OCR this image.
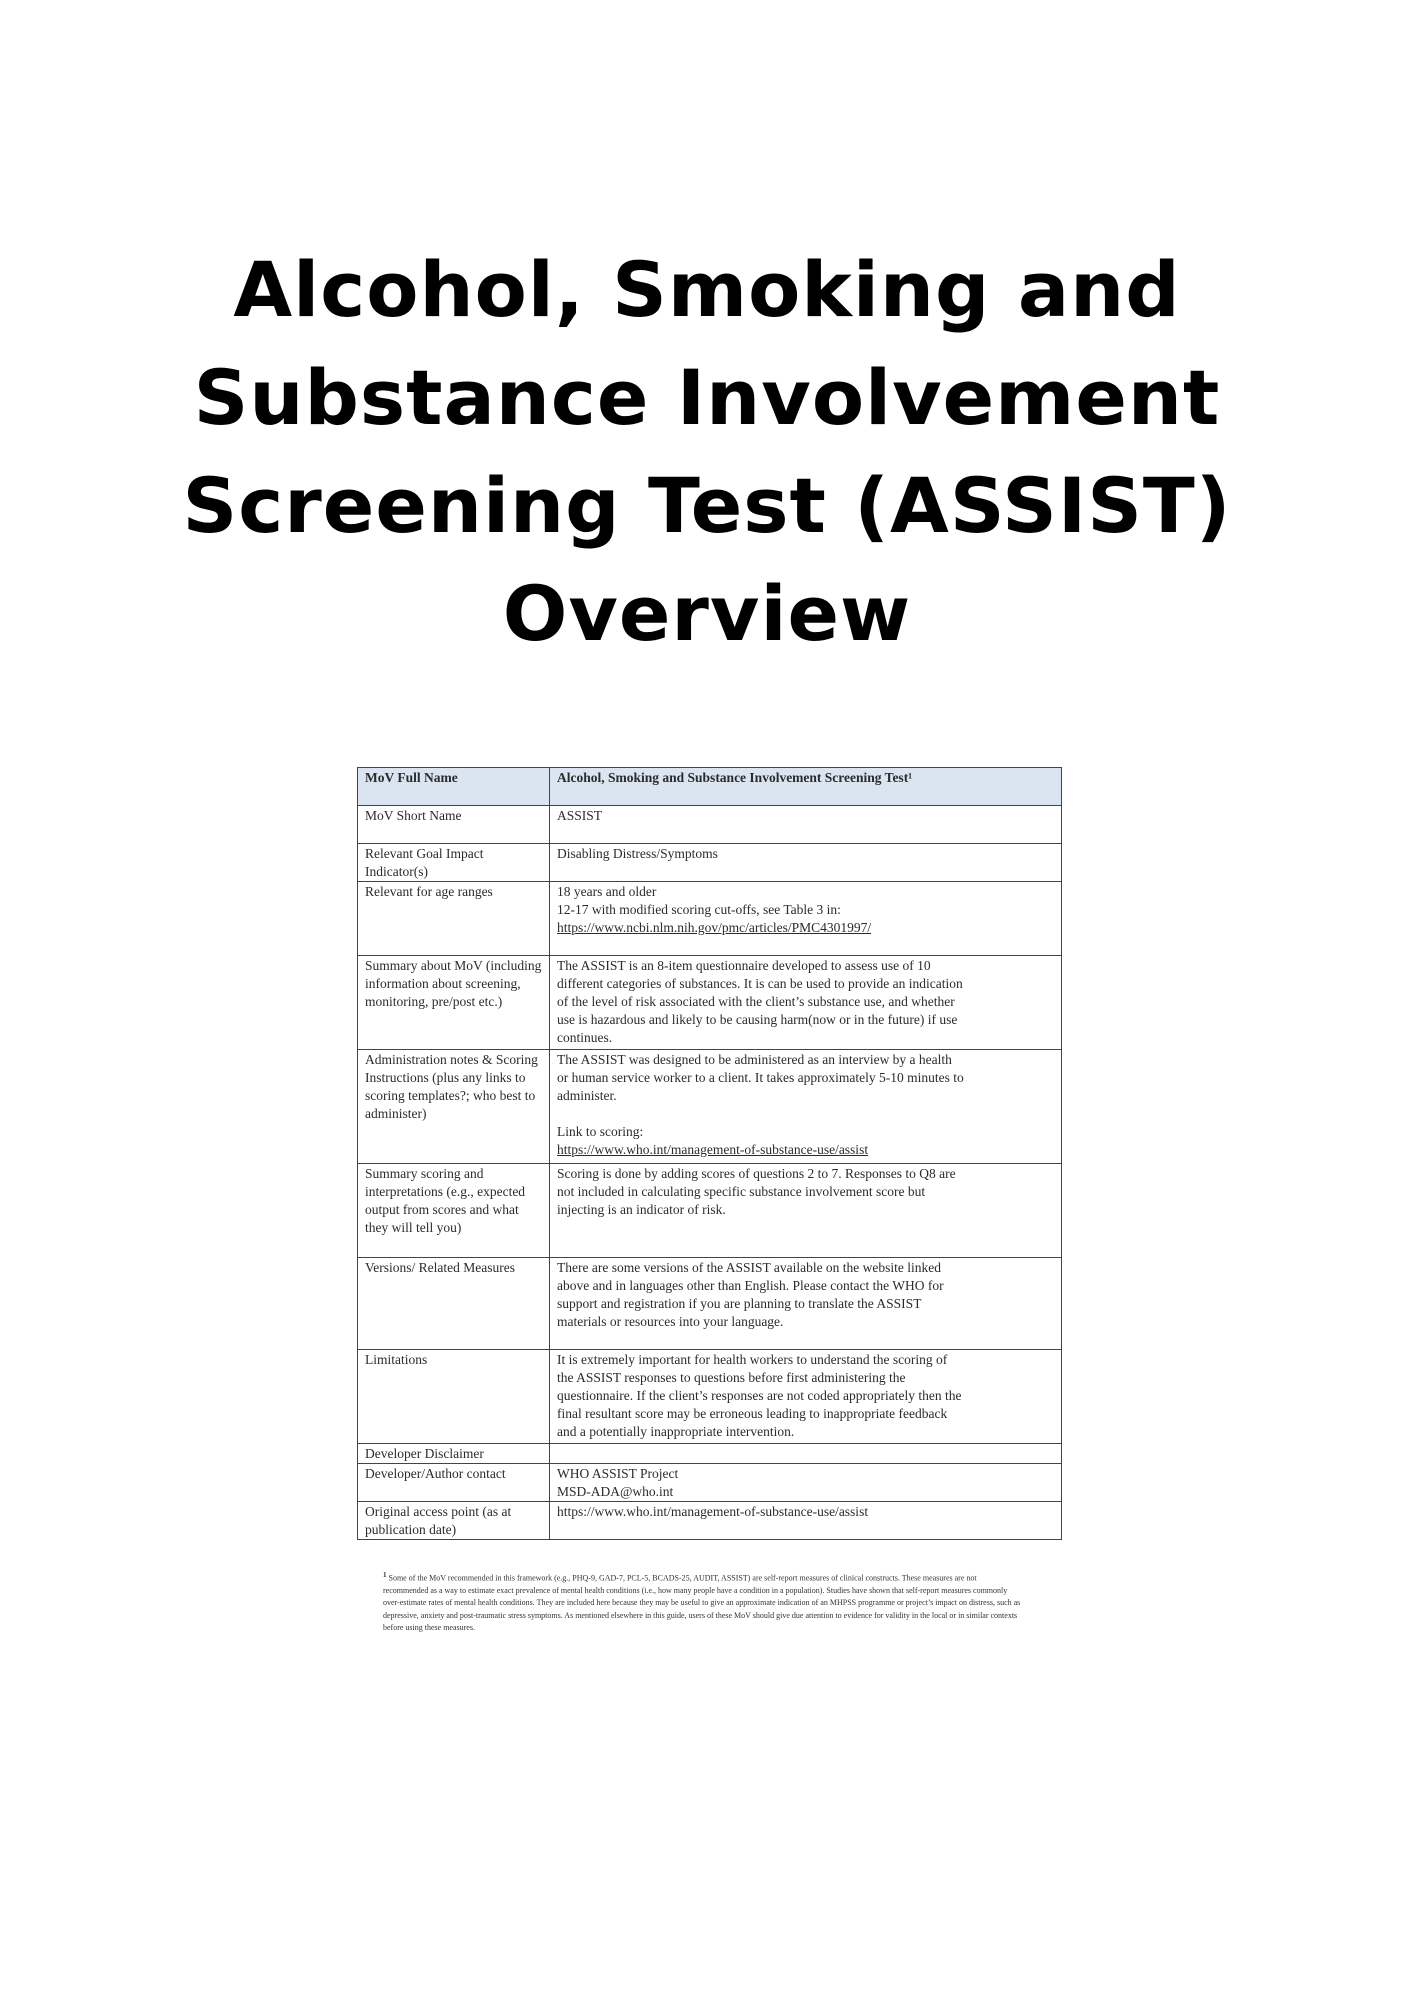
Alcohol, Smoking and
Substance Involvement
Screening Test (ASSIST)
Overview
MoV Full Name	Alcohol, Smoking and Substance Involvement Screening Test¹

MoV Short Name	ASSIST

Relevant Goal Impact Indicator(s)	Disabling Distress/Symptoms

Relevant for age ranges	18 years and older
12-17 with modified scoring cut-offs, see Table 3 in:
https://www.ncbi.nlm.nih.gov/pmc/articles/PMC4301997/

Summary about MoV (including information about screening, monitoring, pre/post etc.)	The ASSIST is an 8-item questionnaire developed to assess use of 10
different categories of substances. It is can be used to provide an indication
of the level of risk associated with the client’s substance use, and whether
use is hazardous and likely to be causing harm(now or in the future) if use
continues.

Administration notes & Scoring Instructions (plus any links to scoring templates?; who best to administer)	The ASSIST was designed to be administered as an interview by a health
or human service worker to a client. It takes approximately 5-10 minutes to
administer.
Link to scoring:
https://www.who.int/management-of-substance-use/assist

Summary scoring and interpretations (e.g., expected output from scores and what they will tell you)	Scoring is done by adding scores of questions 2 to 7. Responses to Q8 are
not included in calculating specific substance involvement score but
injecting is an indicator of risk.

Versions/ Related Measures	There are some versions of the ASSIST available on the website linked
above and in languages other than English. Please contact the WHO for
support and registration if you are planning to translate the ASSIST
materials or resources into your language.

Limitations	It is extremely important for health workers to understand the scoring of
the ASSIST responses to questions before first administering the
questionnaire. If the client’s responses are not coded appropriately then the
final resultant score may be erroneous leading to inappropriate feedback
and a potentially inappropriate intervention.

Developer Disclaimer	

Developer/Author contact	WHO ASSIST Project
MSD-ADA@who.int

Original access point (as at publication date)	https://www.who.int/management-of-substance-use/assist

$^1$ Some of the MoV recommended in this framework (e.g., PHQ-9, GAD-7, PCL-5, BCADS-25, AUDIT, ASSIST) are self-report measures of clinical constructs. These measures are not recommended as a way to estimate exact prevalence of mental health conditions (i.e., how many people have a condition in a population). Studies have shown that self-report measures commonly over-estimate rates of mental health conditions. They are included here because they may be useful to give an approximate indication of an MHPSS programme or project’s impact on distress, such as depressive, anxiety and post-traumatic stress symptoms. As mentioned elsewhere in this guide, users of these MoV should give due attention to evidence for validity in the local or in similar contexts before using these measures.
